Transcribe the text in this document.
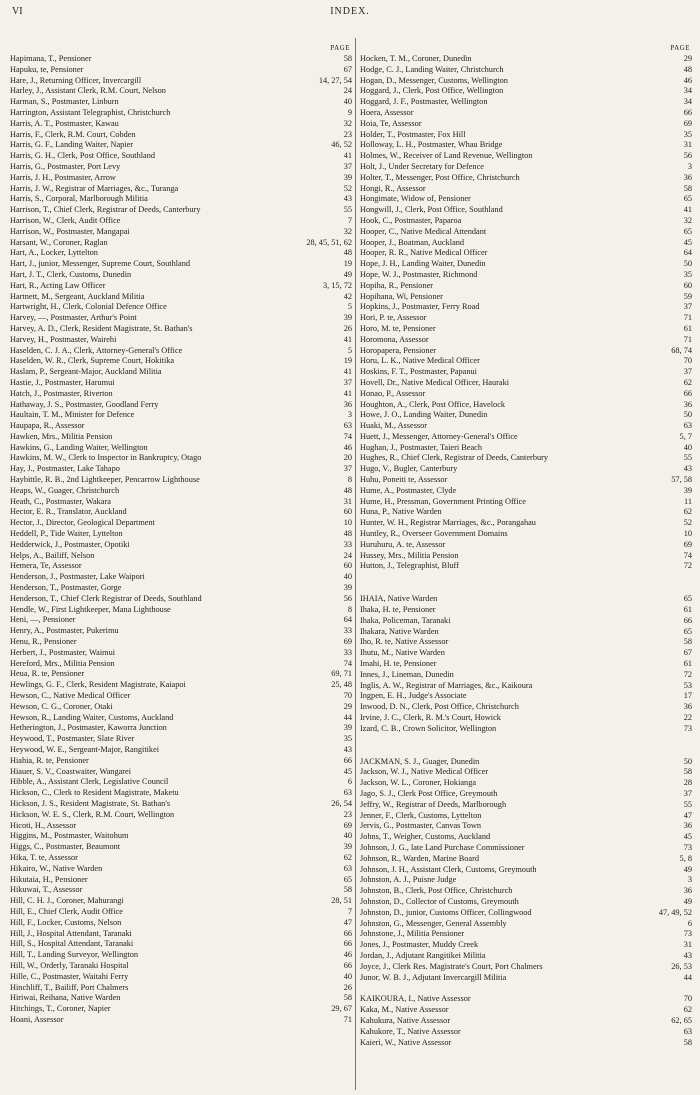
VI	INDEX.
PAGE
Hapimana, T., Pensioner	58
Hapuku, te, Pensioner	67
Hare, J., Returning Officer, Invercargill	14, 27, 54
Harley, J., Assistant Clerk, R.M. Court, Nelson	24
Harman, S., Postmaster, Linburn	40
Harrington, Assistant Telegraphist, Christchurch	9
Harris, A. T., Postmaster, Kawau	32
Harris, F., Clerk, R.M. Court, Cobden	23
Harris, G. F., Landing Waiter, Napier	46, 52
Harris, G. H., Clerk, Post Office, Southland	41
Harris, G., Postmaster, Port Levy	37
Harris, J. H., Postmaster, Arrow	39
Harris, J. W., Registrar of Marriages, &c., Turanga	52
Harris, S., Corporal, Marlborough Militia	43
Harrison, T., Chief Clerk, Registrar of Deeds, Canterbury	55
Harrison, W., Clerk, Audit Office	7
Harrison, W., Postmaster, Mangapai	32
Harsant, W., Coroner, Raglan	28, 45, 51, 62
Hart, A., Locker, Lyttelton	48
Hart, J., junior, Messenger, Supreme Court, Southland	19
Hart, J. T., Clerk, Customs, Dunedin	49
Hart, R., Acting Law Officer	3, 15, 72
Hartnett, M., Sergeant, Auckland Militia	42
Hartwright, H., Clerk, Colonial Defence Office	5
Harvey, —, Postmaster, Arthur's Point	39
Harvey, A. D., Clerk, Resident Magistrate, St. Bathan's	26
Harvey, H., Postmaster, Wairehi	41
Haselden, C. J. A., Clerk, Attorney-General's Office	5
Haselden, W. R., Clerk, Supreme Court, Hokitika	19
Haslam, P., Sergeant-Major, Auckland Militia	41
Hastie, J., Postmaster, Harumui	37
Hatch, J., Postmaster, Riverton	41
Hathaway, J. S., Postmaster, Goodland Ferry	36
Haultain, T. M., Minister for Defence	3
Haupapa, R., Assessor	63
Hawken, Mrs., Militia Pension	74
Hawkins, G., Landing Waiter, Wellington	46
Hawkins, M. W., Clerk to Inspector in Bankruptcy, Otago	20
Hay, J., Postmaster, Lake Tahapo	37
Haybittle, R. B., 2nd Lightkeeper, Pencarrow Lighthouse	8
Heaps, W., Guager, Christchurch	48
Heath, C., Postmaster, Wakara	31
Hector, E. R., Translator, Auckland	60
Hector, J., Director, Geological Department	10
Heddell, P., Tide Waiter, Lyttelton	48
Hedderwick, J., Postmaster, Opotiki	33
Helps, A., Bailiff, Nelson	24
Hemera, Te, Assessor	60
Henderson, J., Postmaster, Lake Waipori	40
Henderson, T., Postmaster, Gorge	39
Henderson, T., Chief Clerk Registrar of Deeds, Southland	56
Hendle, W., First Lightkeeper, Mana Lighthouse	8
Heni, —, Pensioner	64
Henry, A., Postmaster, Pukerimu	33
Henu, R., Pensioner	69
Herbert, J., Postmaster, Waimui	33
Hereford, Mrs., Militia Pension	74
Heua, R. te, Pensioner	69, 71
Hewlings, G. F., Clerk, Resident Magistrate, Kaiapoi	25, 48
Hewson, C., Native Medical Officer	70
Hewson, C. G., Coroner, Otaki	29
Hewson, R., Landing Waiter, Customs, Auckland	44
Hetherington, J., Postmaster, Kaworra Junction	39
Heywood, T., Postmaster, Slate River	35
Heywood, W. E., Sergeant-Major, Rangitikei	43
Hiahia, R. te, Pensioner	66
Hiauer, S. V., Coastwaiter, Wangarei	45
Hibble, A., Assistant Clerk, Legislative Council	6
Hickson, C., Clerk to Resident Magistrate, Maketu	63
Hickson, J. S., Resident Magistrate, St. Bathan's	26, 54
Hickson, W. E. S., Clerk, R.M. Court, Wellington	23
Hicoti, H., Assessor	69
Higgins, M., Postmaster, Waitohum	40
Higgs, C., Postmaster, Beaumont	39
Hika, T. te, Assessor	62
Hikairo, W., Native Warden	63
Hikutaia, H., Pensioner	65
Hikuwai, T., Assessor	58
Hill, C. H. J., Coroner, Mahurangi	28, 51
Hill, E., Chief Clerk, Audit Office	7
Hill, F., Locker, Customs, Nelson	47
Hill, J., Hospital Attendant, Taranaki	66
Hill, S., Hospital Attendant, Taranaki	66
Hill, T., Landing Surveyor, Wellington	46
Hill, W., Orderly, Taranaki Hospital	66
Hille, C., Postmaster, Waitahi Ferry	40
Hinchliff, T., Bailiff, Port Chalmers	26
Hiriwai, Reihana, Native Warden	58
Hitchings, T., Coroner, Napier	29, 67
Hoani, Assessor	71
PAGE
Hocken, T. M., Coroner, Dunedin	29
Hodge, C. J., Landing Waiter, Christchurch	48
Hogan, D., Messenger, Customs, Wellington	46
Hoggard, J., Clerk, Post Office, Wellington	34
Hoggard, J. F., Postmaster, Wellington	34
Hoera, Assessor	66
Hoia, Te, Assessor	69
Holder, T., Postmaster, Fox Hill	35
Holloway, L. H., Postmaster, Whau Bridge	31
Holmes, W., Receiver of Land Revenue, Wellington	56
Holt, J., Under Secretary for Defence	3
Holter, T., Messenger, Post Office, Christchurch	36
Hongi, R., Assessor	58
Hongimate, Widow of, Pensioner	65
Hongwill, J., Clerk, Post Office, Southland	41
Hook, C., Postmaster, Paparoa	32
Hooper, C., Native Medical Attendant	65
Hooper, J., Boatman, Auckland	45
Hooper, R. R., Native Medical Officer	64
Hope, J. H., Landing Waiter, Dunedin	50
Hope, W. J., Postmaster, Richmond	35
Hopiha, R., Pensioner	60
Hopihana, Wi, Pensioner	59
Hopkins, J., Postmaster, Ferry Road	37
Hori, P. te, Assessor	71
Horo, M. te, Pensioner	61
Horomona, Assessor	71
Horopapera, Pensioner	68, 74
Horu, L. K., Native Medical Officer	70
Hoskins, F. T., Postmaster, Papanui	37
Hovell, Dr., Native Medical Officer, Hauraki	62
Honao, P., Assessor	66
Houghton, A., Clerk, Post Office, Havelock	36
Howe, J. O., Landing Waiter, Dunedin	50
Huaki, M., Assessor	63
Huett, J., Messenger, Attorney-General's Office	5, 7
Hughan, J., Postmaster, Taieri Beach	40
Hughes, R., Chief Clerk, Registrar of Deeds, Canterbury	55
Hugo, V., Bugler, Canterbury	43
Huhu, Poneiti te, Assessor	57, 58
Hume, A., Postmaster, Clyde	39
Hume, H., Pressman, Government Printing Office	11
Huna, P., Native Warden	62
Hunter, W. H., Registrar Marriages, &c., Porangahau	52
Huntley, R., Overseer Government Domains	10
Huruhuru, A. te, Assessor	69
Hussey, Mrs., Militia Pension	74
Hutton, J., Telegraphist, Bluff	72
IHAIA, Native Warden	65
Ihaka, H. te, Pensioner	61
Ihaka, Policeman, Taranaki	66
Ihakara, Native Warden	65
Iho, R. te, Native Assessor	58
Ihutu, M., Native Warden	67
Imahi, H. te, Pensioner	61
Innes, J., Lineman, Dunedin	72
Inglis, A. W., Registrar of Marriages, &c., Kaikoura	53
Ingpen, E. H., Judge's Associate	17
Inwood, D. N., Clerk, Post Office, Christchurch	36
Irvine, J. C., Clerk, R. M.'s Court, Howick	22
Izard, C. B., Crown Solicitor, Wellington	73
JACKMAN, S. J., Guager, Dunedin	50
Jackson, W. J., Native Medical Officer	58
Jackson, W. L., Coroner, Hokianga	28
Jago, S. J., Clerk Post Office, Greymouth	37
Jeffry, W., Registrar of Deeds, Marlborough	55
Jenner, F., Clerk, Customs, Lyttelton	47
Jervis, G., Postmaster, Canvas Town	36
Johns, T., Weigher, Customs, Auckland	45
Johnson, J. G., late Land Purchase Commissioner	73
Johnson, R., Warden, Marine Board	5, 8
Johnson, J. H., Assistant Clerk, Customs, Greymouth	49
Johnston, A. J., Puisne Judge	3
Johnston, B., Clerk, Post Office, Christchurch	36
Johnston, D., Collector of Customs, Greymouth	49
Johnston, D., junior, Customs Officer, Collingwood	47, 49, 52
Johnston, G., Messenger, General Assembly	6
Johnstone, J., Militia Pensioner	73
Jones, J., Postmaster, Muddy Creek	31
Jordan, J., Adjutant Rangitikei Militia	43
Joyce, J., Clerk Res. Magistrate's Court, Port Chalmers	26, 53
Junor, W. B. J., Adjutant Invercargill Militia	44
KAIKOURA, I., Native Assessor	70
Kaka, M., Native Assessor	62
Kahukura, Native Assessor	62, 65
Kahukore, T., Native Assessor	63
Kaieri, W., Native Assessor	58
